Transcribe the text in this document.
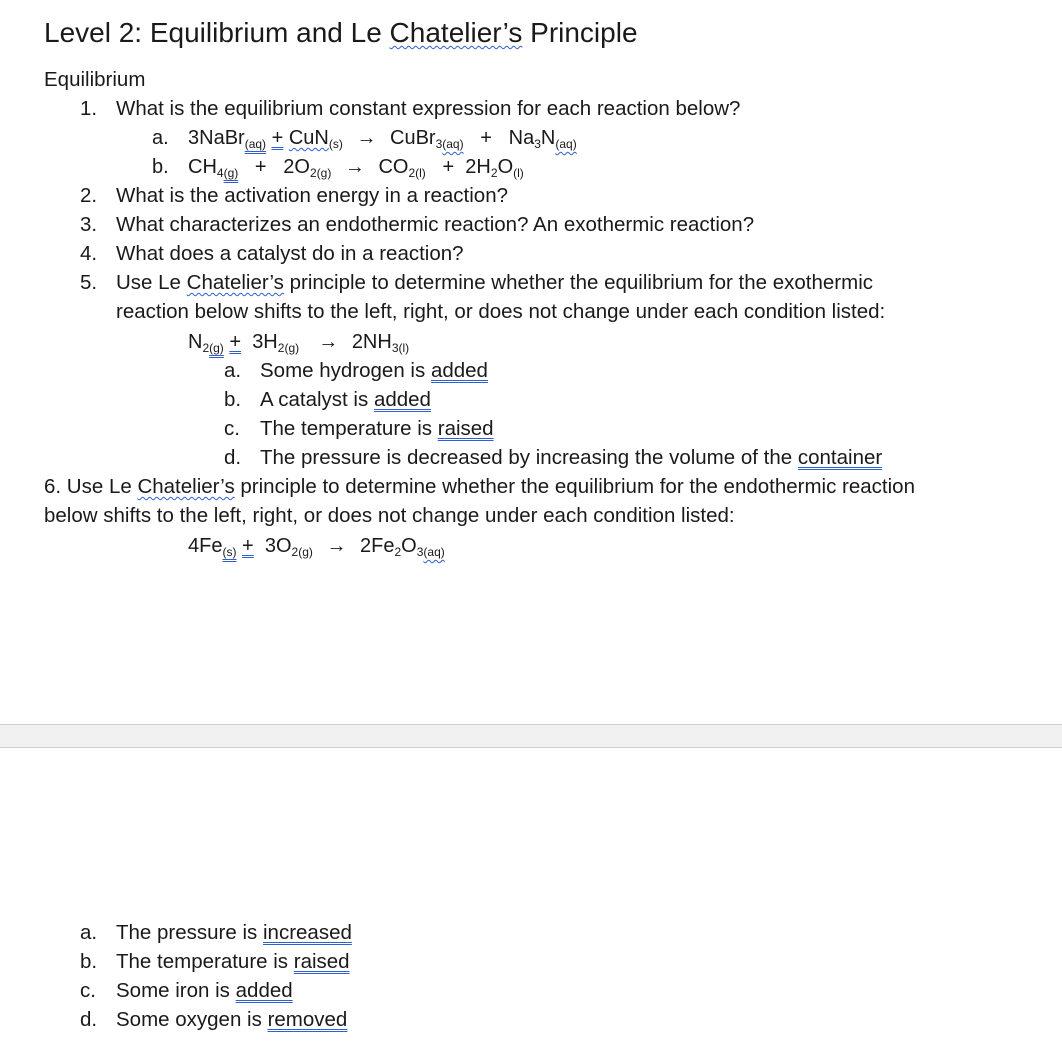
Level 2: Equilibrium and Le Chatelier’s Principle
Equilibrium
1. What is the equilibrium constant expression for each reaction below?
a. 3NaBr$_{(aq)}$ + CuN$_{(s)}$ → CuBr$_{3(aq)}$ + $Na_3N_{(aq)}$
b. $CH_{4(g)} + 2O_{2(g)} \to CO_{2(l)} + 2H_2O_{(l)}$
2. What is the activation energy in a reaction?
3. What characterizes an endothermic reaction? An exothermic reaction?
4. What does a catalyst do in a reaction?
5. Use Le Chatelier’s principle to determine whether the equilibrium for the exothermic
reaction below shifts to the left, right, or does not change under each condition listed:
$N_{2(g)} + 3H_{2(g)} \to 2NH_{3(l)}$
a. Some hydrogen is added
b. A catalyst is added
c. The temperature is raised
d. The pressure is decreased by increasing the volume of the container
6. Use Le Chatelier’s principle to determine whether the equilibrium for the endothermic reaction
below shifts to the left, right, or does not change under each condition listed:
$4Fe_{(s)} + 3O_{2(g)} \to 2Fe_2O_{3(aq)}$
a. The pressure is increased
b. The temperature is raised
c. Some iron is added
d. Some oxygen is removed
